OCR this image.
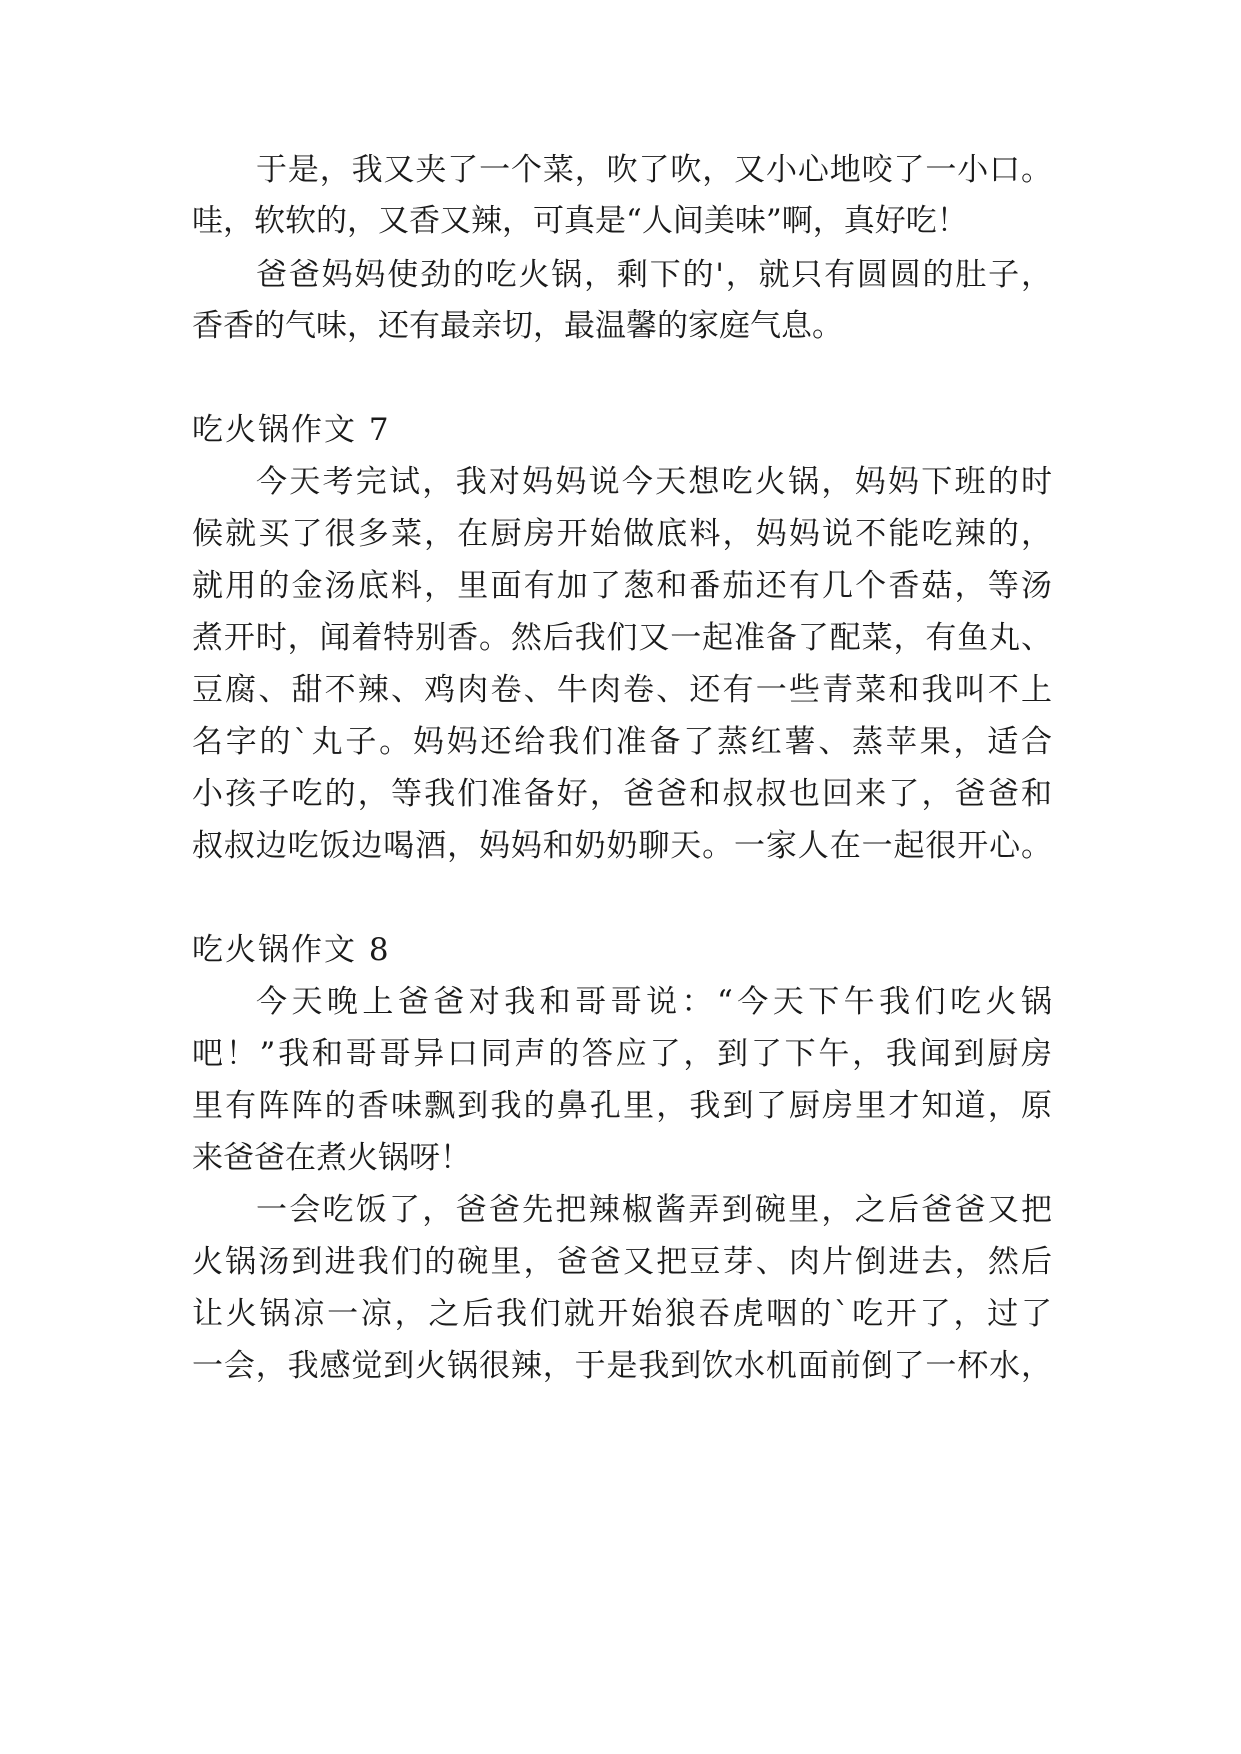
于是，我又夹了一个菜，吹了吹，又小心地咬了一小口。
哇，软软的，又香又辣，可真是“人间美味”啊，真好吃！
爸爸妈妈使劲的吃火锅，剩下的'，就只有圆圆的肚子，
香香的气味，还有最亲切，最温馨的家庭气息。
吃火锅作文 7
今天考完试，我对妈妈说今天想吃火锅，妈妈下班的时
候就买了很多菜，在厨房开始做底料，妈妈说不能吃辣的，
就用的金汤底料，里面有加了葱和番茄还有几个香菇，等汤
煮开时，闻着特别香。然后我们又一起准备了配菜，有鱼丸、
豆腐、甜不辣、鸡肉卷、牛肉卷、还有一些青菜和我叫不上
名字的`丸子。妈妈还给我们准备了蒸红薯、蒸苹果，适合
小孩子吃的，等我们准备好，爸爸和叔叔也回来了，爸爸和
叔叔边吃饭边喝酒，妈妈和奶奶聊天。一家人在一起很开心。
吃火锅作文 8
今天晚上爸爸对我和哥哥说：“今天下午我们吃火锅
吧！”我和哥哥异口同声的答应了，到了下午，我闻到厨房
里有阵阵的香味飘到我的鼻孔里，我到了厨房里才知道，原
来爸爸在煮火锅呀！
一会吃饭了，爸爸先把辣椒酱弄到碗里，之后爸爸又把
火锅汤到进我们的碗里，爸爸又把豆芽、肉片倒进去，然后
让火锅凉一凉，之后我们就开始狼吞虎咽的`吃开了，过了
一会，我感觉到火锅很辣，于是我到饮水机面前倒了一杯水，
